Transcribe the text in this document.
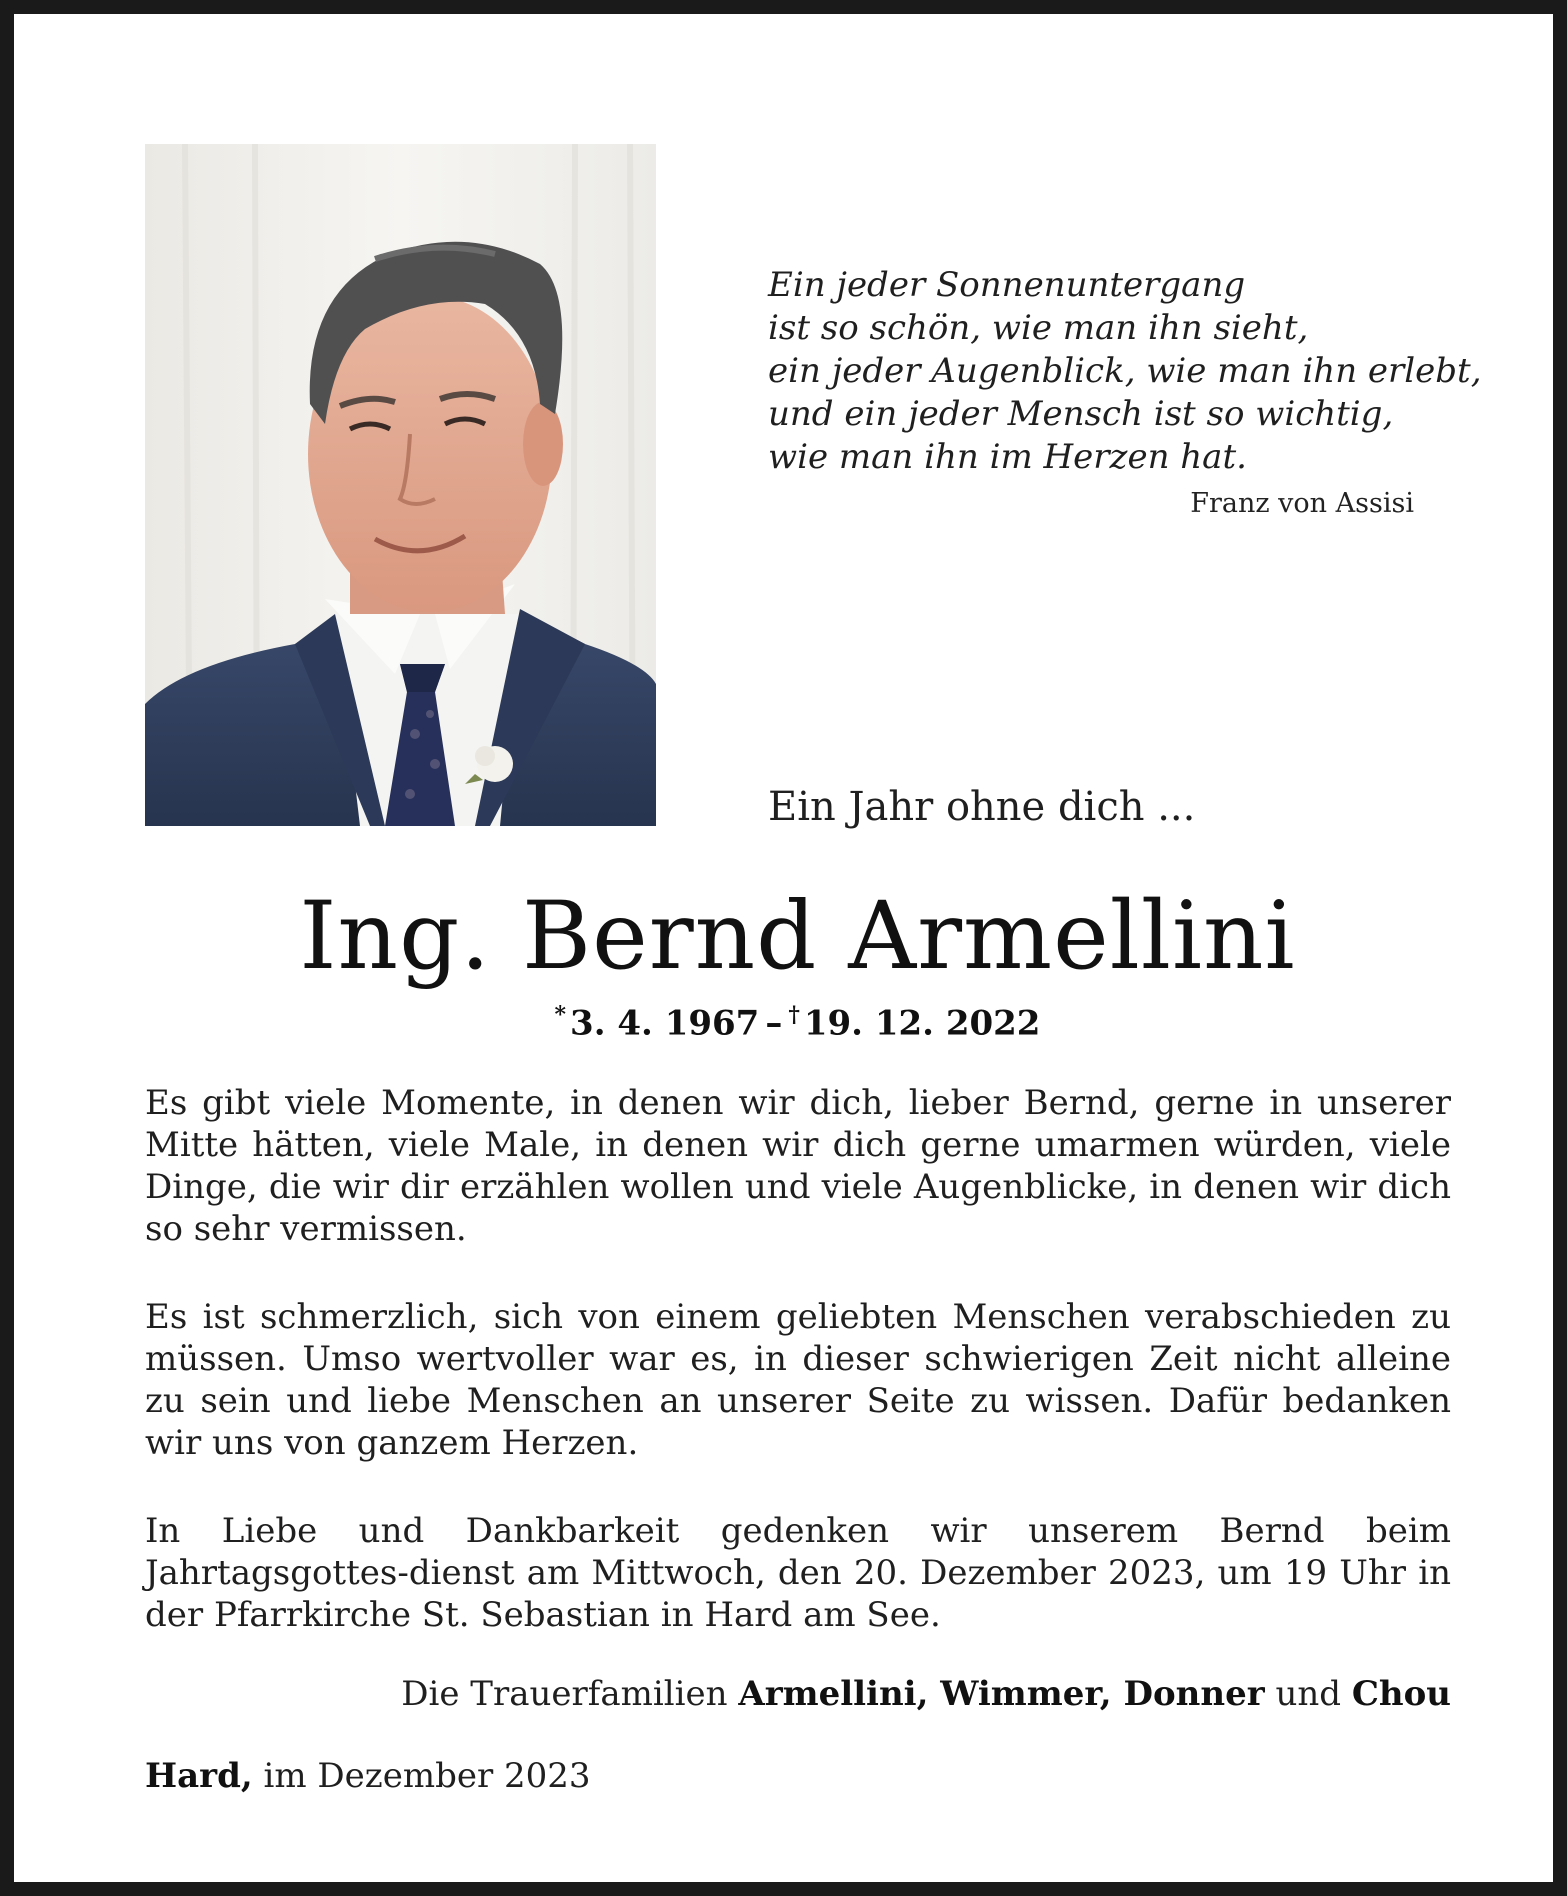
Ein jeder Sonnenuntergang
ist so schön, wie man ihn sieht,
ein jeder Augenblick, wie man ihn erlebt,
und ein jeder Mensch ist so wichtig,
wie man ihn im Herzen hat.
Franz von Assisi
Ein Jahr ohne dich ...
Ing. Bernd Armellini
* 3. 4. 1967 – † 19. 12. 2022
Es gibt viele Momente, in denen wir dich, lieber Bernd, gerne in unserer Mitte hätten, viele Male, in denen wir dich gerne umarmen würden, viele Dinge, die wir dir erzählen wollen und viele Augenblicke, in denen wir dich so sehr vermissen.
Es ist schmerzlich, sich von einem geliebten Menschen verabschieden zu müssen. Umso wertvoller war es, in dieser schwierigen Zeit nicht alleine zu sein und liebe Menschen an unserer Seite zu wissen. Dafür bedanken wir uns von ganzem Herzen.
In Liebe und Dankbarkeit gedenken wir unserem Bernd beim Jahrtagsgottes-dienst am Mittwoch, den 20. Dezember 2023, um 19 Uhr in der Pfarrkirche St. Sebastian in Hard am See.
Die Trauerfamilien Armellini, Wimmer, Donner und Chou
Hard, im Dezember 2023
